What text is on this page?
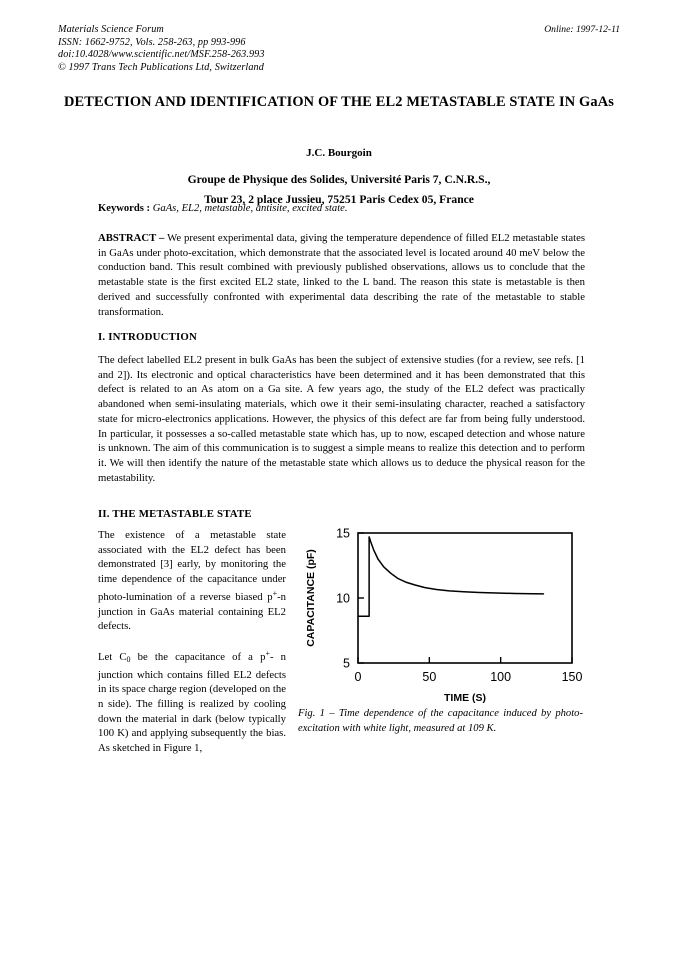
Online: 1997-12-11
Materials Science Forum
ISSN: 1662-9752, Vols. 258-263, pp 993-996
doi:10.4028/www.scientific.net/MSF.258-263.993
© 1997 Trans Tech Publications Ltd, Switzerland
DETECTION AND IDENTIFICATION OF THE EL2 METASTABLE STATE IN GaAs
J.C. Bourgoin
Groupe de Physique des Solides, Université Paris 7, C.N.R.S.,
Tour 23, 2 place Jussieu, 75251 Paris Cedex 05, France
Keywords : GaAs, EL2, metastable, antisite, excited state.
ABSTRACT – We present experimental data, giving the temperature dependence of filled EL2 metastable states in GaAs under photo-excitation, which demonstrate that the associated level is located around 40 meV below the conduction band. This result combined with previously published observations, allows us to conclude that the metastable state is the first excited EL2 state, linked to the L band. The reason this state is metastable is then derived and successfully confronted with experimental data describing the rate of the metastable to stable transformation.
I. INTRODUCTION
The defect labelled EL2 present in bulk GaAs has been the subject of extensive studies (for a review, see refs. [1 and 2]). Its electronic and optical characteristics have been determined and it has been demonstrated that this defect is related to an As atom on a Ga site. A few years ago, the study of the EL2 defect was practically abandoned when semi-insulating materials, which owe it their semi-insulating character, reached a satisfactory state for micro-electronics applications. However, the physics of this defect are far from being fully understood. In particular, it possesses a so-called metastable state which has, up to now, escaped detection and whose nature is unknown. The aim of this communication is to suggest a simple means to realize this detection and to perform it. We will then identify the nature of the metastable state which allows us to deduce the physical reason for the metastability.
II. THE METASTABLE STATE

The existence of a metastable state associated with the EL2 defect has been demonstrated [3] early, by monitoring the time dependence of the capacitance under photo-lumination of a reverse biased p+-n junction in GaAs material containing EL2 defects.

Let $C_0$ be the capacitance of a p+- n junction which contains filled EL2 defects in its space charge region (developed on the n side). The filling is realized by cooling down the material in dark (below typically 100 K) and applying subsequently the bias. As sketched in Figure 1,

0	50	100	150
5
10
15
TIME (S)
CAPACITANCE (pF)
Fig. 1 – Time dependence of the capacitance induced by photo-excitation with white light, measured at 109 K.
